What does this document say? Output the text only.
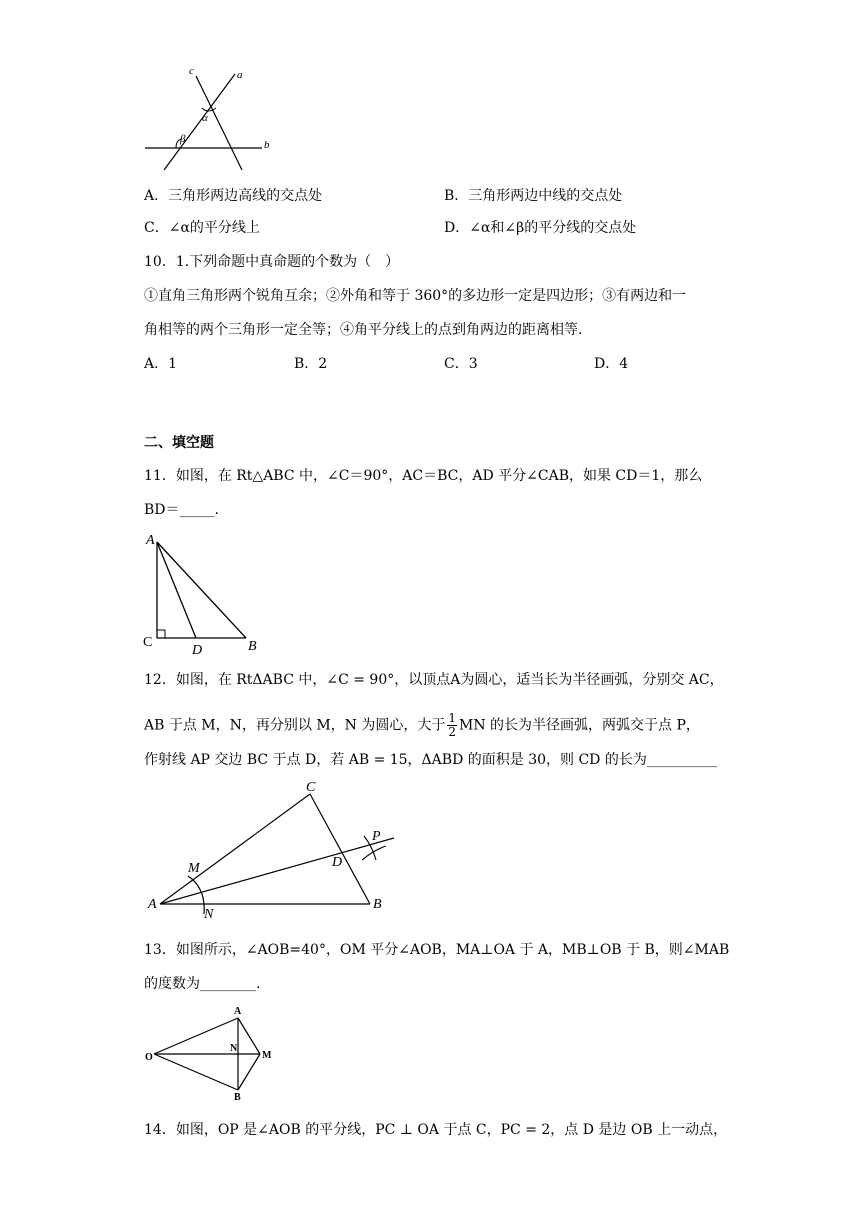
c	a
α
β	b
A．三角形两边高线的交点处	B．三角形两边中线的交点处
C．∠α的平分线上	D．∠α和∠β的平分线的交点处
10．1.下列命题中真命题的个数为（　）
①直角三角形两个锐角互余；②外角和等于 360°的多边形一定是四边形；③有两边和一
角相等的两个三角形一定全等；④角平分线上的点到角两边的距离相等.
A．1	B．2	C．3	D．4
二、填空题
11．如图，在 Rt△ABC 中，∠C＝90°，AC＝BC，AD 平分∠CAB，如果 CD＝1，那么
BD＝_____.
A
C
D	B
12．如图，在 RtΔABC 中，∠C = 90°，以顶点A为圆心，适当长为半径画弧，分别交 AC，
AB 于点 M，N，再分别以 M，N 为圆心，大于 $\frac{1}{2}$ MN 的长为半径画弧，两弧交于点 P，
作射线 AP 交边 BC 于点 D，若 AB = 15，ΔABD 的面积是 30，则 CD 的长为__________
C
P
M	D
A
N
B
13．如图所示，∠AOB=40°，OM 平分∠AOB，MA⊥OA 于 A，MB⊥OB 于 B，则∠MAB
的度数为________.
A
O
N
M
B
14．如图，OP 是∠AOB 的平分线，PC ⊥ OA 于点 C，PC = 2，点 D 是边 OB 上一动点，
